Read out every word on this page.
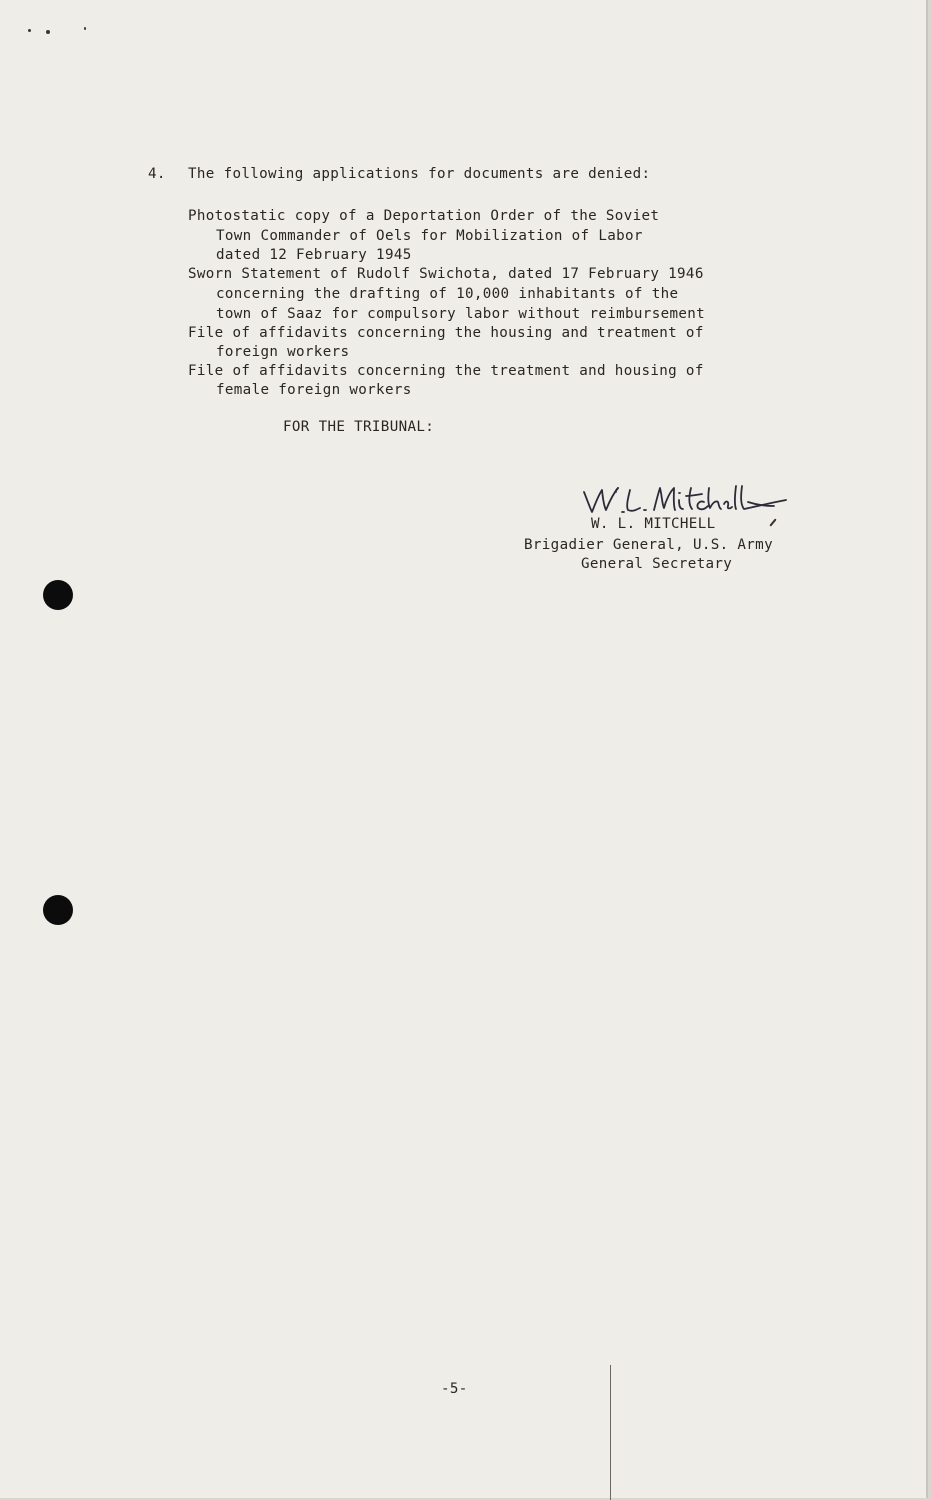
4. The following applications for documents are denied:
Photostatic copy of a Deportation Order of the Soviet
Town Commander of Oels for Mobilization of Labor
dated 12 February 1945
Sworn Statement of Rudolf Swichota, dated 17 February 1946
concerning the drafting of 10,000 inhabitants of the
town of Saaz for compulsory labor without reimbursement
File of affidavits concerning the housing and treatment of
foreign workers
File of affidavits concerning the treatment and housing of
female foreign workers
FOR THE TRIBUNAL:
W. L. MITCHELL
Brigadier General, U.S. Army
General Secretary
-5-
